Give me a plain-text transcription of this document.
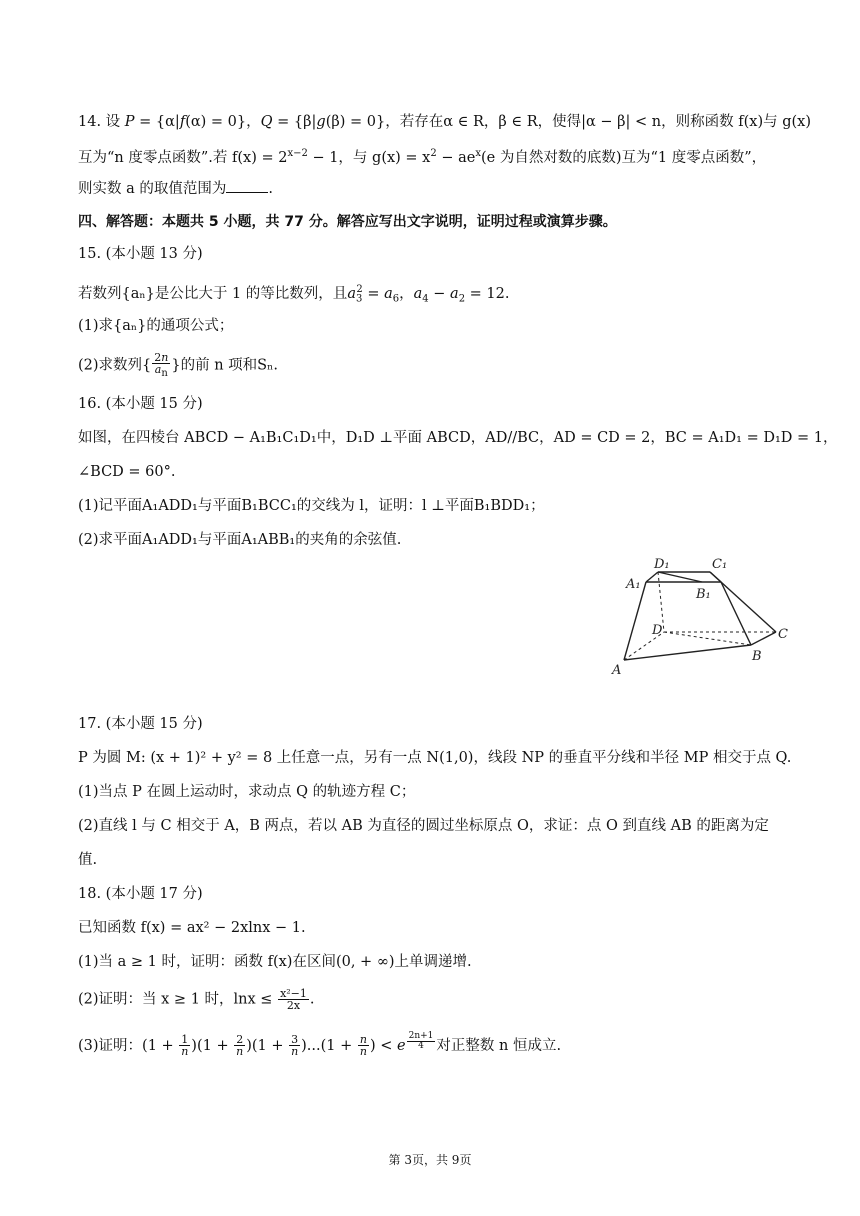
14. 设 P = {α|f(α) = 0}，Q = {β|g(β) = 0}，若存在α ∈ R，β ∈ R，使得|α − β| < n，则称函数 f(x)与 g(x)
互为“n 度零点函数”.若 $f(x) = 2^{x-2} - 1$，与 $g(x) = x^2 - ae^x(e$ 为自然对数的底数)互为“1 度零点函数”，
则实数 a 的取值范围为	.
四、解答题：本题共 5 小题，共 77 分。解答应写出文字说明，证明过程或演算步骤。
15. (本小题 13 分)
若数列{aₙ}是公比大于 1 的等比数列，且$a_3^2 = a_6$，$a_4 - a_2 = 12$.
(1)求{aₙ}的通项公式；
(2)求数列{ $\frac{2n}{a_n}$ }的前 n 项和Sₙ.
16. (本小题 15 分)
如图，在四棱台 ABCD − A₁B₁C₁D₁中，D₁D ⊥平面 ABCD，AD//BC，AD = CD = 2，BC = A₁D₁ = D₁D = 1，
∠BCD = 60°.
(1)记平面A₁ADD₁与平面B₁BCC₁的交线为 l，证明：l ⊥平面B₁BDD₁；
(2)求平面A₁ADD₁与平面A₁ABB₁的夹角的余弦值.
A₁
D₁	C₁
B₁
D	C
B
A
17. (本小题 15 分)
P 为圆 M: (x + 1)² + y² = 8 上任意一点，另有一点 N(1,0)，线段 NP 的垂直平分线和半径 MP 相交于点 Q.
(1)当点 P 在圆上运动时，求动点 Q 的轨迹方程 C；
(2)直线 l 与 C 相交于 A，B 两点，若以 AB 为直径的圆过坐标原点 O，求证：点 O 到直线 AB 的距离为定
值.
18. (本小题 17 分)
已知函数 f(x) = ax² − 2xlnx − 1.
(1)当 a ≥ 1 时，证明：函数 f(x)在区间(0, + ∞)上单调递增.
(2)证明：当 x ≥ 1 时，$\ln x \le \frac{\text{x²−1}}{2x}$ .
(3)证明：$(1 + \frac{1}{n} )(1 + \frac{2}{n} )(1 + \frac{3}{n} )...(1 + \frac{n}{n}$ ) < e $^{\frac{2n+1}{4}}$ 对正整数 n 恒成立.
第 3页，共 9页
